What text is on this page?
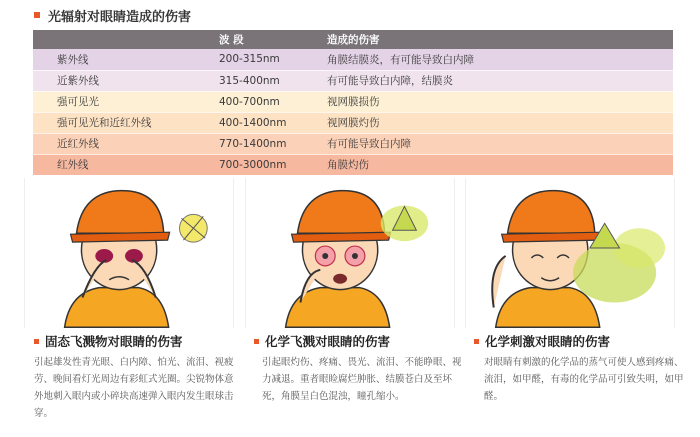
光辐射对眼睛造成的伤害
	波 段	造成的伤害
紫外线	200-315nm	角膜结膜炎，有可能导致白内障
近紫外线	315-400nm	有可能导致白内障，结膜炎
强可见光	400-700nm	视网膜损伤
强可见光和近红外线	400-1400nm	视网膜灼伤
近红外线	770-1400nm	有可能导致白内障
红外线	700-3000nm	角膜灼伤
固态飞溅物对眼睛的伤害
引起雄发性青光眼、白内障、怕光、流泪、视疲劳、晚间看灯光周边有彩虹式光圈。尖锐物体意外地刺入眼内或小碎块高速弹入眼内发生眼球击穿。
化学飞溅对眼睛的伤害
引起眼灼伤、疼痛、畏光、流泪、不能睁眼、视力减退。重者眼睑腐烂肿胀、结膜苍白及至坏死，角膜呈白色混浊，瞳孔缩小。
化学刺激对眼睛的伤害
对眼睛有刺激的化学品的蒸气可使人感到疼痛、流泪，如甲醛，有毒的化学品可引致失明，如甲醛。
